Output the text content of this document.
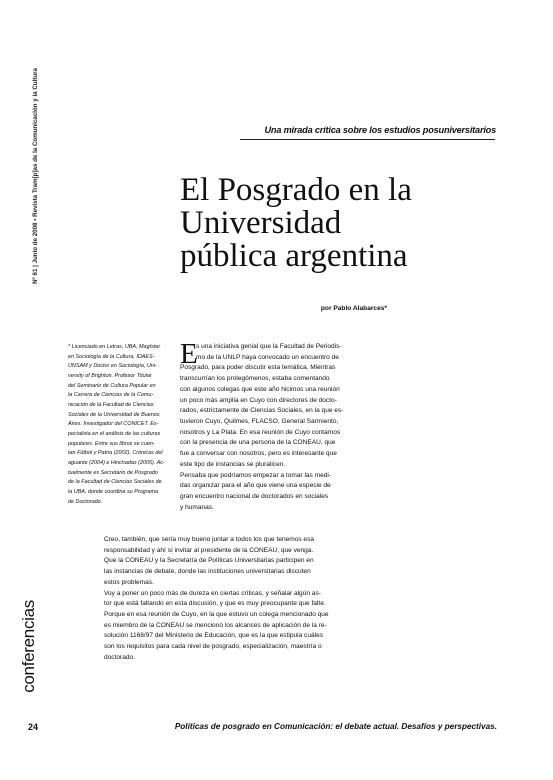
Nº 61 | Junio de 2008 • Revista Tram[p]as de la Comunicación y la Cultura
conferencias
Una mirada crítica sobre los estudios posuniversitarios
El Posgrado en la
Universidad
pública argentina
por Pablo Alabarces*
* Licenciado en Letras, UBA, Magíster
en Sociología de la Cultura, IDAES-
UNSAM y Doctor en Sociología, Uni-
versity of Brighton. Profesor Titular
del Seminario de Cultura Popular en
la Carrera de Ciencias de la Comu-
nicación de la Facultad de Ciencias
Sociales de la Universidad de Buenos
Aires. Investigador del CONICET. Es-
pecialista en el análisis de las culturas
populares. Entre sus libros se cuen-
tan Fútbol y Patria (2002), Crónicas del
aguante (2004) e Hinchadas (2005). Ac-
tualmente es Secretario de Posgrado
de la Facultad de Ciencias Sociales de
la UBA, donde coordina su Programa
de Doctorado.
E
s una iniciativa genial que la Facultad de Periodis-
mo de la UNLP haya convocado un encuentro de
Posgrado, para poder discutir esta temática. Mientras
transcurrían los prolegómenos, estaba comentando
con algunos colegas que este año hicimos una reunión
un poco más amplia en Cuyo con directores de docto-
rados, estrictamente de Ciencias Sociales, en la que es-
tuvieron Cuyo, Quilmes, FLACSO, General Sarmiento,
nosotros y La Plata. En esa reunión de Cuyo contamos
con la presencia de una persona de la CONEAU, que
fue a conversar con nosotros, pero es interesante que
este tipo de instancias se pluralicen.
Pensaba que podríamos empezar a tomar las medi-
das organizar para el año que viene una especie de
gran encuentro nacional de doctorados en sociales
y humanas.
Creo, también, que sería muy bueno juntar a todos los que tenemos esa
responsabilidad y ahí sí invitar al presidente de la CONEAU, que venga.
Que la CONEAU y la Secretaría de Políticas Universitarias participen en
las instancias de debate, donde las instituciones universitarias discuten
estos problemas.
Voy a poner un poco más de dureza en ciertas críticas, y señalar algún as-
tor que está faltando en esta discusión, y que es muy preocupante que falte.
Porque en esa reunión de Cuyo, en la que estuvo un colega mencionado que
es miembro de la CONEAU se mencionó los alcances de aplicación de la re-
solución 1168/97 del Ministerio de Educación, que es la que estipula cuáles
son los requisitos para cada nivel de posgrado, especialización, maestría o
doctorado.
24	Políticas de posgrado en Comunicación: el debate actual. Desafíos y perspectivas.
